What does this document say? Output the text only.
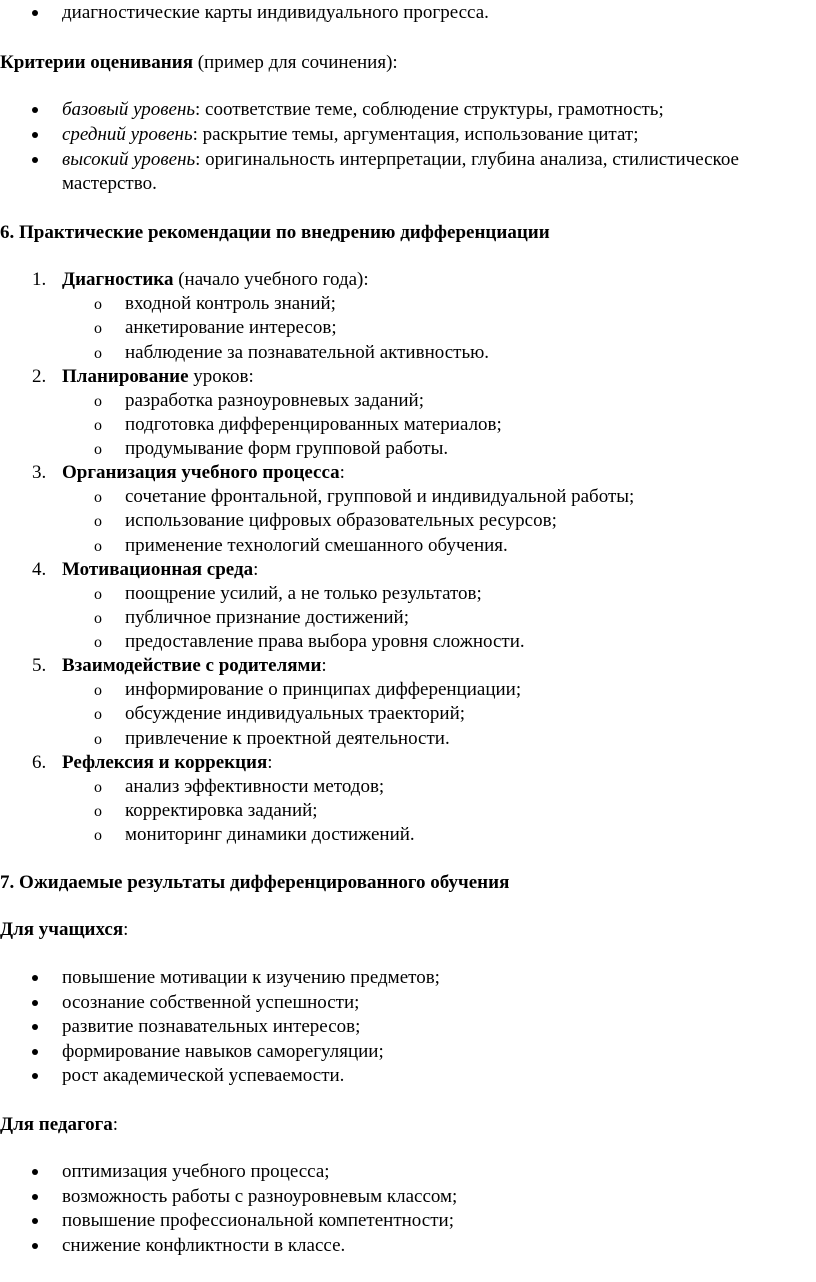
диагностические карты индивидуального прогресса.
Критерии оценивания (пример для сочинения):
базовый уровень: соответствие теме, соблюдение структуры, грамотность;
средний уровень: раскрытие темы, аргументация, использование цитат;
высокий уровень: оригинальность интерпретации, глубина анализа, стилистическое
мастерство.
6. Практические рекомендации по внедрению дифференциации
1. Диагностика (начало учебного года):
o входной контроль знаний;
o анкетирование интересов;
o наблюдение за познавательной активностью.
2. Планирование уроков:
o разработка разноуровневых заданий;
o подготовка дифференцированных материалов;
o продумывание форм групповой работы.
3. Организация учебного процесса:
o сочетание фронтальной, групповой и индивидуальной работы;
o использование цифровых образовательных ресурсов;
o применение технологий смешанного обучения.
4. Мотивационная среда:
o поощрение усилий, а не только результатов;
o публичное признание достижений;
o предоставление права выбора уровня сложности.
5. Взаимодействие с родителями:
o информирование о принципах дифференциации;
o обсуждение индивидуальных траекторий;
o привлечение к проектной деятельности.
6. Рефлексия и коррекция:
o анализ эффективности методов;
o корректировка заданий;
o мониторинг динамики достижений.
7. Ожидаемые результаты дифференцированного обучения
Для учащихся:
повышение мотивации к изучению предметов;
осознание собственной успешности;
развитие познавательных интересов;
формирование навыков саморегуляции;
рост академической успеваемости.
Для педагога:
оптимизация учебного процесса;
возможность работы с разноуровневым классом;
повышение профессиональной компетентности;
снижение конфликтности в классе.
